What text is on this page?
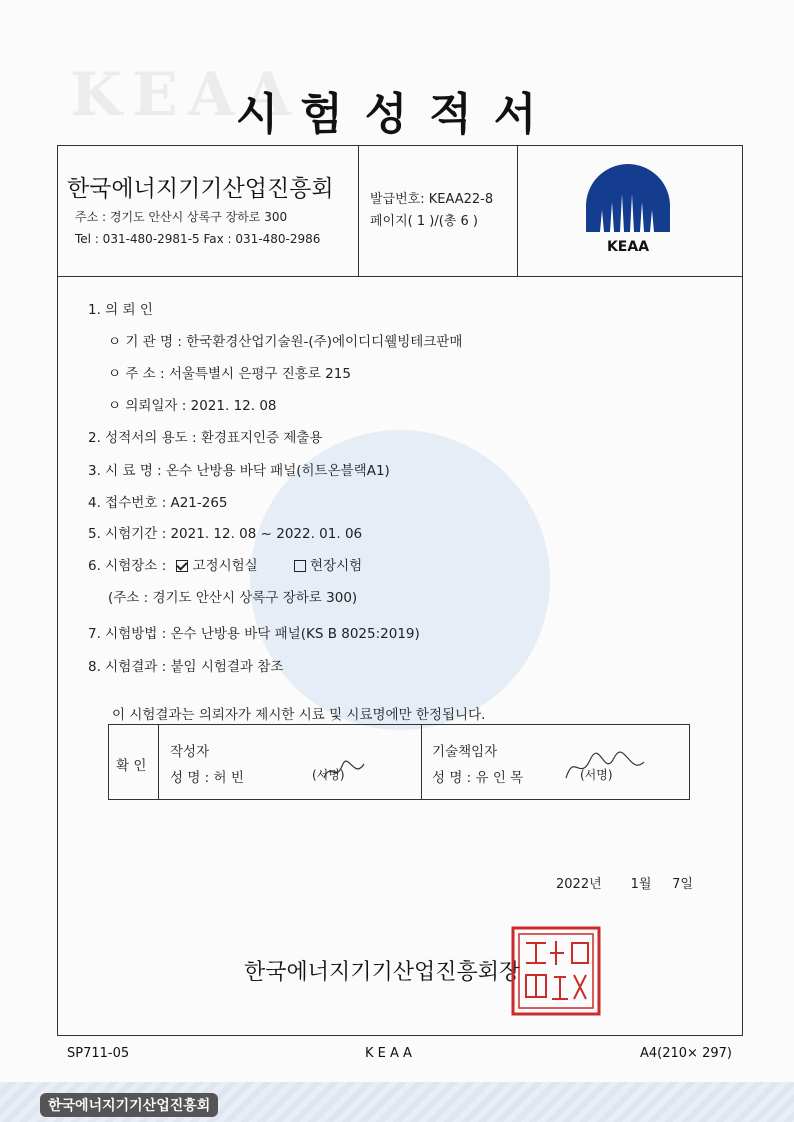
KEAA
시험성적서
한국에너지기기산업진흥회
주소 : 경기도 안산시 상록구 장하로 300
Tel : 031-480-2981-5 Fax : 031-480-2986
발급번호: KEAA22-8
페이지( 1 )/(총 6 )
KEAA
1. 의 뢰 인
ㅇ 기 관 명 : 한국환경산업기술원-(주)에이디디웰빙테크판매
ㅇ 주 소 : 서울특별시 은평구 진흥로 215
ㅇ 의뢰일자 : 2021. 12. 08
2. 성적서의 용도 : 환경표지인증 제출용
3. 시 료 명 : 온수 난방용 바닥 패널(히트온블랙A1)
4. 접수번호 : A21-265
5. 시험기간 : 2021. 12. 08 ~ 2022. 01. 06
6. 시험장소 : 고정시험실	현장시험
(주소 : 경기도 안산시 상록구 장하로 300)
7. 시험방법 : 온수 난방용 바닥 패널(KS B 8025:2019)
8. 시험결과 : 붙임 시험결과 참조
이 시험결과는 의뢰자가 제시한 시료 및 시료명에만 한정됩니다.
확 인
작성자
성 명 : 허 빈	(서명)
기술책임자
성 명 : 유 인 목	(서명)
2022년 1월 7일
한국에너지기기산업진흥회장
SP711-05	K E A A	A4(210× 297)
한국에너지기기산업진흥회
